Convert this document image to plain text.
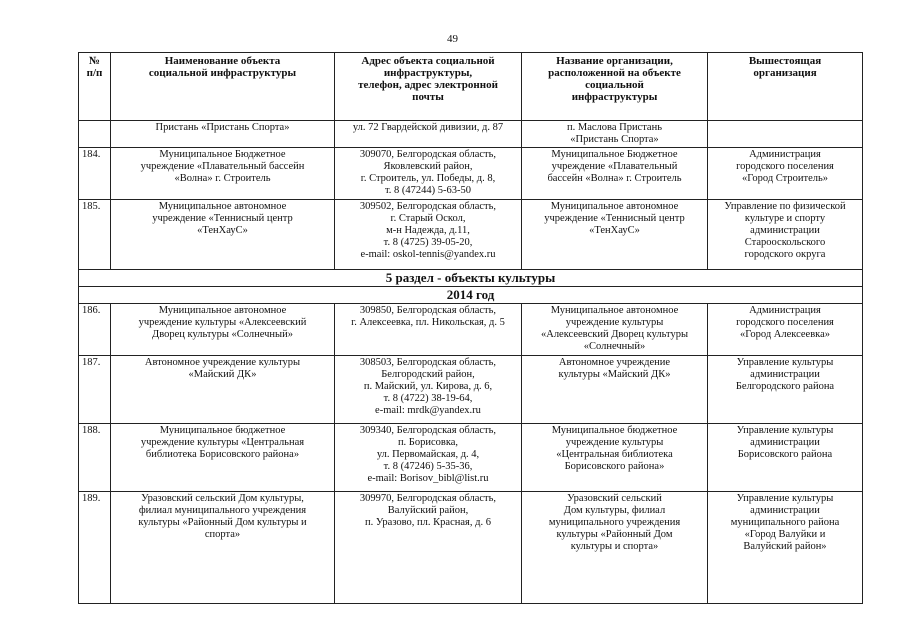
49
№
п/п	Наименование объекта
социальной инфраструктуры	Адрес объекта социальной
инфраструктуры,
телефон, адрес электронной
почты	Название организации,
расположенной на объекте
социальной
инфраструктуры	Вышестоящая
организация

	Пристань «Пристань Спорта»	ул. 72 Гвардейской дивизии, д. 87	п. Маслова Пристань
«Пристань Спорта»	

184.	Муниципальное Бюджетное
учреждение «Плавательный бассейн
«Волна» г. Строитель	309070, Белгородская область,
Яковлевский район,
г. Строитель, ул. Победы, д. 8,
т. 8 (47244) 5-63-50	Муниципальное Бюджетное
учреждение «Плавательный
бассейн «Волна» г. Строитель	Администрация
городского поселения
«Город Строитель»

185.	Муниципальное автономное
учреждение «Теннисный центр
«ТенХауС»	309502, Белгородская область,
г. Старый Оскол,
м-н Надежда, д.11,
т. 8 (4725) 39-05-20,
e-mail: oskol-tennis@yandex.ru	Муниципальное автономное
учреждение «Теннисный центр
«ТенХауС»	Управление по физической
культуре и спорту
администрации
Старооскольского
городского округа

5 раздел - объекты культуры				
2014 год				
186.	Муниципальное автономное
учреждение культуры «Алексеевский
Дворец культуры «Солнечный»	309850, Белгородская область,
г. Алексеевка, пл. Никольская, д. 5	Муниципальное автономное
учреждение культуры
«Алексеевский Дворец культуры
«Солнечный»	Администрация
городского поселения
«Город Алексеевка»

187.	Автономное учреждение культуры
«Майский ДК»	308503, Белгородская область,
Белгородский район,
п. Майский, ул. Кирова, д. 6,
т. 8 (4722) 38-19-64,
e-mail: mrdk@yandex.ru	Автономное учреждение
культуры «Майский ДК»	Управление культуры
администрации
Белгородского района

188.	Муниципальное бюджетное
учреждение культуры «Центральная
библиотека Борисовского района»	309340, Белгородская область,
п. Борисовка,
ул. Первомайская, д. 4,
т. 8 (47246) 5-35-36,
e-mail: Borisov_bibl@list.ru	Муниципальное бюджетное
учреждение культуры
«Центральная библиотека
Борисовского района»	Управление культуры
администрации
Борисовского района

189.	Уразовский сельский Дом культуры,
филиал муниципального учреждения
культуры «Районный Дом культуры и
спорта»	309970, Белгородская область,
Валуйский район,
п. Уразово, пл. Красная, д. 6	Уразовский сельский
Дом культуры, филиал
муниципального учреждения
культуры «Районный Дом
культуры и спорта»	Управление культуры
администрации
муниципального района
«Город Валуйки и
Валуйский район»
